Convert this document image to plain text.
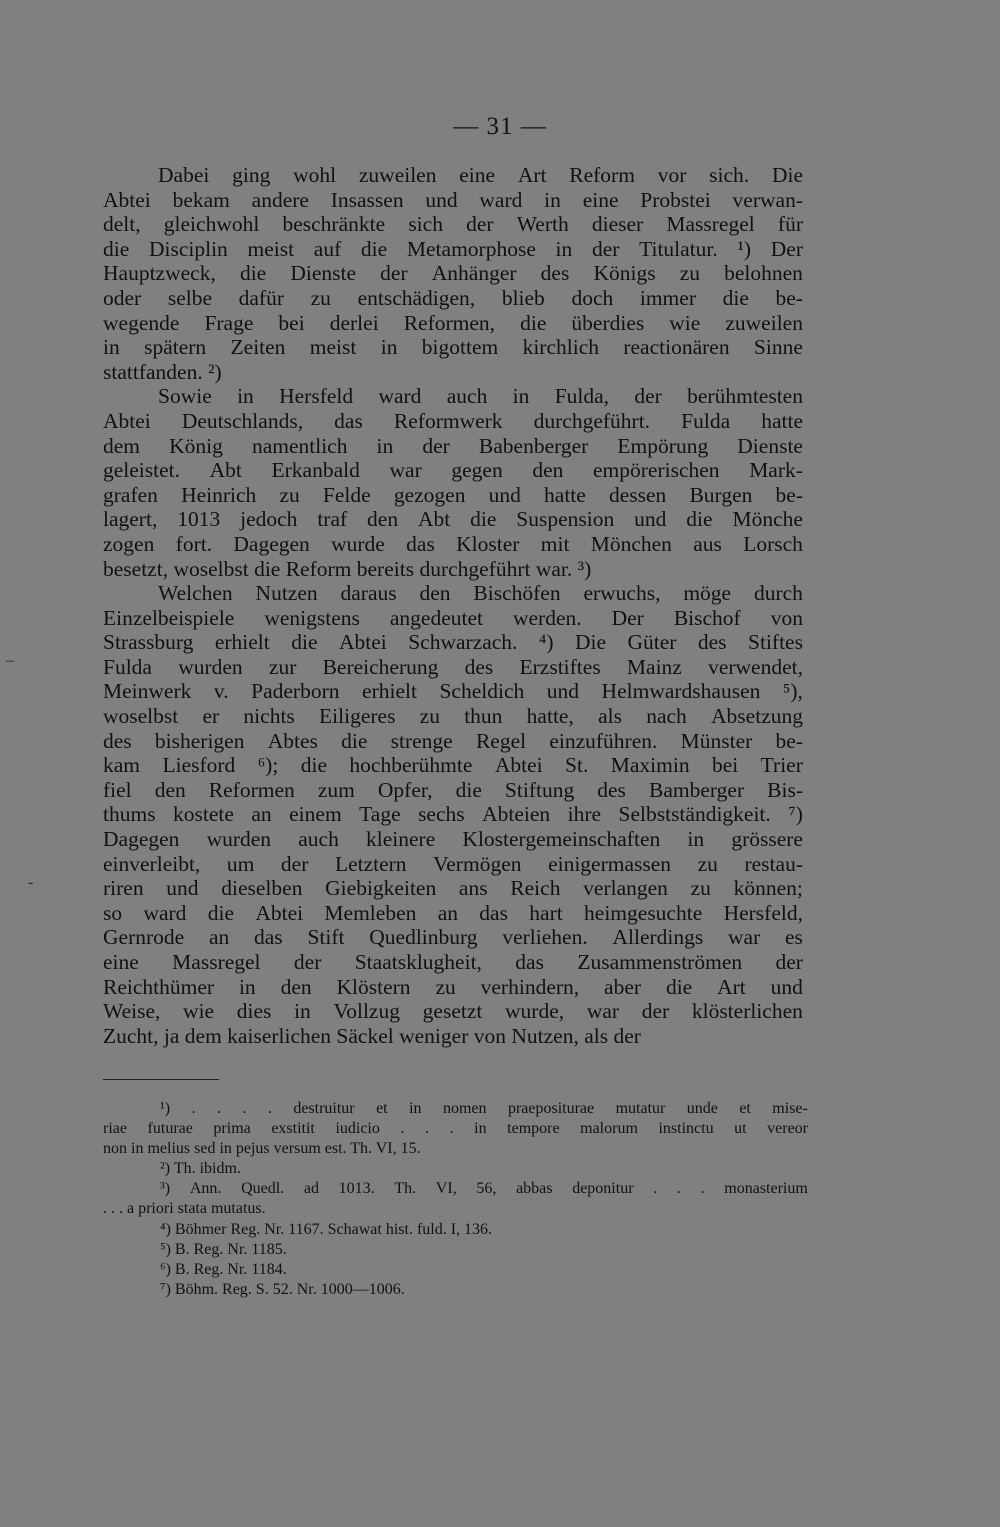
— 31 —
Dabei ging wohl zuweilen eine Art Reform vor sich. Die
Abtei bekam andere Insassen und ward in eine Probstei verwan-
delt, gleichwohl beschränkte sich der Werth dieser Massregel für
die Disciplin meist auf die Metamorphose in der Titulatur. ¹) Der
Hauptzweck, die Dienste der Anhänger des Königs zu belohnen
oder selbe dafür zu entschädigen, blieb doch immer die be-
wegende Frage bei derlei Reformen, die überdies wie zuweilen
in spätern Zeiten meist in bigottem kirchlich reactionären Sinne
stattfanden. ²)
Sowie in Hersfeld ward auch in Fulda, der berühmtesten
Abtei Deutschlands, das Reformwerk durchgeführt. Fulda hatte
dem König namentlich in der Babenberger Empörung Dienste
geleistet. Abt Erkanbald war gegen den empörerischen Mark-
grafen Heinrich zu Felde gezogen und hatte dessen Burgen be-
lagert, 1013 jedoch traf den Abt die Suspension und die Mönche
zogen fort. Dagegen wurde das Kloster mit Mönchen aus Lorsch
besetzt, woselbst die Reform bereits durchgeführt war. ³)
Welchen Nutzen daraus den Bischöfen erwuchs, möge durch
Einzelbeispiele wenigstens angedeutet werden. Der Bischof von
Strassburg erhielt die Abtei Schwarzach. ⁴) Die Güter des Stiftes
Fulda wurden zur Bereicherung des Erzstiftes Mainz verwendet,
Meinwerk v. Paderborn erhielt Scheldich und Helmwardshausen ⁵),
woselbst er nichts Eiligeres zu thun hatte, als nach Absetzung
des bisherigen Abtes die strenge Regel einzuführen. Münster be-
kam Liesford ⁶); die hochberühmte Abtei St. Maximin bei Trier
fiel den Reformen zum Opfer, die Stiftung des Bamberger Bis-
thums kostete an einem Tage sechs Abteien ihre Selbstständigkeit. ⁷)
Dagegen wurden auch kleinere Klostergemeinschaften in grössere
einverleibt, um der Letztern Vermögen einigermassen zu restau-
riren und dieselben Giebigkeiten ans Reich verlangen zu können;
so ward die Abtei Memleben an das hart heimgesuchte Hersfeld,
Gernrode an das Stift Quedlinburg verliehen. Allerdings war es
eine Massregel der Staatsklugheit, das Zusammenströmen der
Reichthümer in den Klöstern zu verhindern, aber die Art und
Weise, wie dies in Vollzug gesetzt wurde, war der klösterlichen
Zucht, ja dem kaiserlichen Säckel weniger von Nutzen, als der
–
-
¹) . . . . destruitur et in nomen praeposituraе mutatur unde et mise-
riae futurae prima exstitit iudicio . . . in tempore malorum instinctu ut vereor
non in melius sed in pejus versum est. Th. VI, 15.
²) Th. ibidm.
³) Ann. Quedl. ad 1013. Th. VI, 56, abbas deponitur . . . monasterium
. . . a priori stata mutatus.
⁴) Böhmer Reg. Nr. 1167. Schawat hist. fuld. I, 136.
⁵) B. Reg. Nr. 1185.
⁶) B. Reg. Nr. 1184.
⁷) Böhm. Reg. S. 52. Nr. 1000—1006.
